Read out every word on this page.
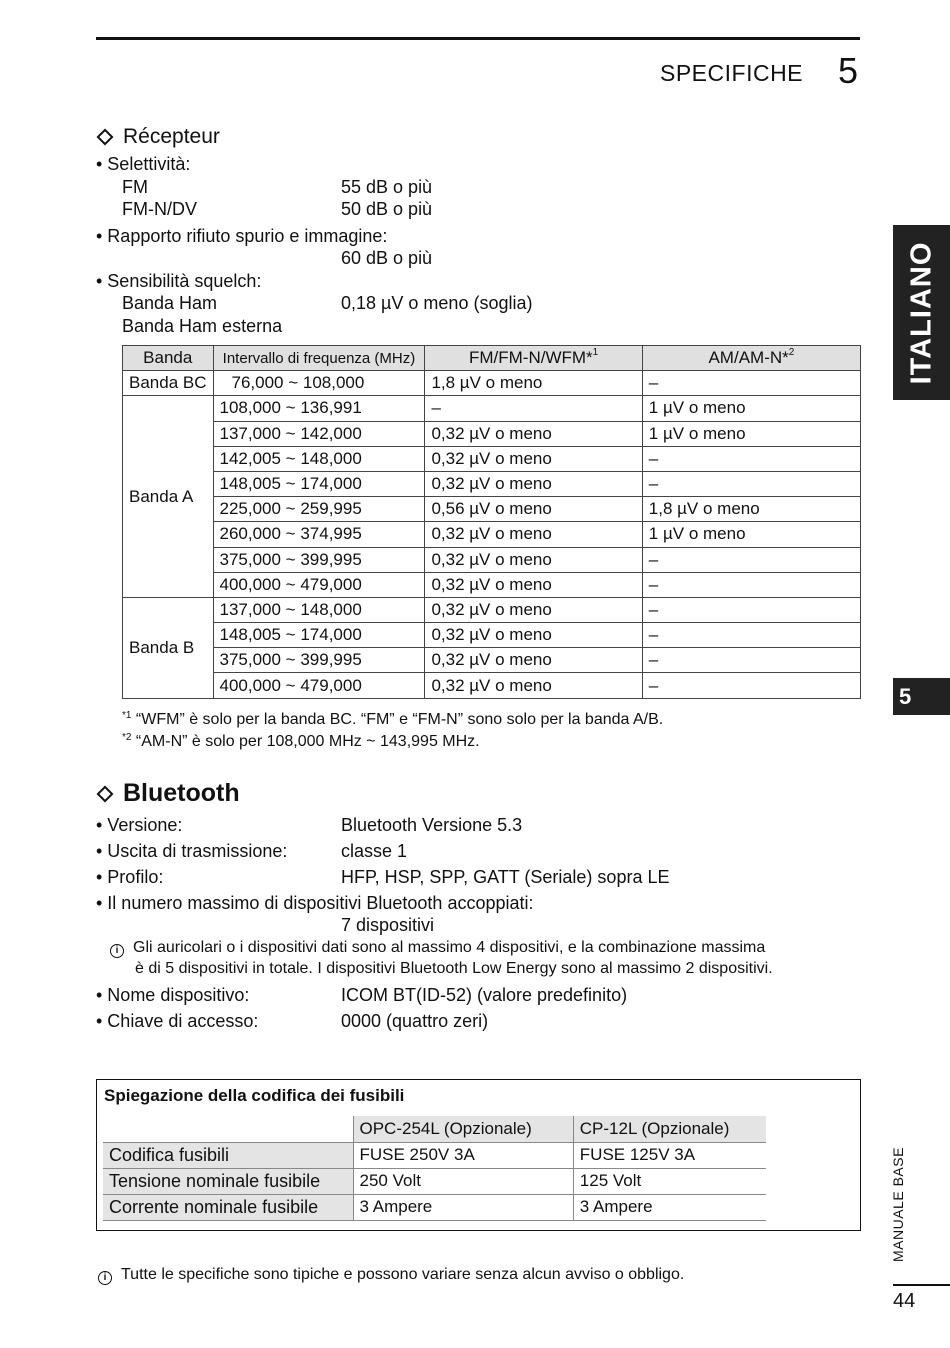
SPECIFICHE 5
ITALIANO
5
MANUALE BASE
44
Récepteur
• Selettività:
FM	55 dB o più
FM-N/DV	50 dB o più
• Rapporto rifiuto spurio e immagine:
60 dB o più
• Sensibilità squelch:
Banda Ham	0,18 µV o meno (soglia)
Banda Ham esterna
Banda	Intervallo di frequenza (MHz)	FM/FM-N/WFM*$^1$	AM/AM-N*$^2$
Banda BC	76,000 ~ 108,000	1,8 µV o meno	–
Banda A	108,000 ~ 136,991	–	1 µV o meno
	137,000 ~ 142,000	0,32 µV o meno	1 µV o meno
	142,005 ~ 148,000	0,32 µV o meno	–
	148,005 ~ 174,000	0,32 µV o meno	–
	225,000 ~ 259,995	0,56 µV o meno	1,8 µV o meno
	260,000 ~ 374,995	0,32 µV o meno	1 µV o meno
	375,000 ~ 399,995	0,32 µV o meno	–
	400,000 ~ 479,000	0,32 µV o meno	–
Banda B	137,000 ~ 148,000	0,32 µV o meno	–
	148,005 ~ 174,000	0,32 µV o meno	–
	375,000 ~ 399,995	0,32 µV o meno	–
	400,000 ~ 479,000	0,32 µV o meno	–
$^{*1}$ “WFM” è solo per la banda BC. “FM” e “FM-N” sono solo per la banda A/B.
$^{*2}$ “AM-N” è solo per 108,000 MHz ~ 143,995 MHz.
Bluetooth
• Versione:	Bluetooth Versione 5.3
• Uscita di trasmissione:	classe 1
• Profilo:	HFP, HSP, SPP, GATT (Seriale) sopra LE
• Il numero massimo di dispositivi Bluetooth accoppiati:
7 dispositivi
i Gli auricolari o i dispositivi dati sono al massimo 4 dispositivi, e la combinazione massima
è di 5 dispositivi in totale. I dispositivi Bluetooth Low Energy sono al massimo 2 dispositivi.
• Nome dispositivo:	ICOM BT(ID-52) (valore predefinito)
• Chiave di accesso:	0000 (quattro zeri)
Spiegazione della codifica dei fusibili
	OPC-254L (Opzionale)	CP-12L (Opzionale)
Codifica fusibili	FUSE 250V 3A	FUSE 125V 3A
Tensione nominale fusibile	250 Volt	125 Volt
Corrente nominale fusibile	3 Ampere	3 Ampere
i Tutte le specifiche sono tipiche e possono variare senza alcun avviso o obbligo.
